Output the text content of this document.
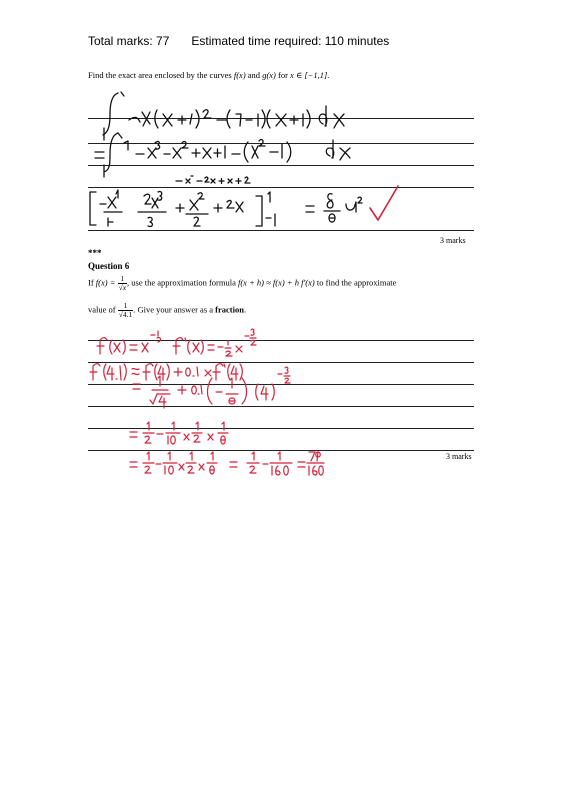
Total marks: 77 Estimated time required: 110 minutes
Find the exact area enclosed by the curves f(x) and g(x) for x ∈ [−1,1].
3 marks
***
Question 6
If $f(x) = \frac{1}{√x}$ , use the approximation formula f(x + h) ≈ f(x) + h f′(x) to find the approximate
value of $\frac{1}{√4.1}$ . Give your answer as a fraction.
3 marks
